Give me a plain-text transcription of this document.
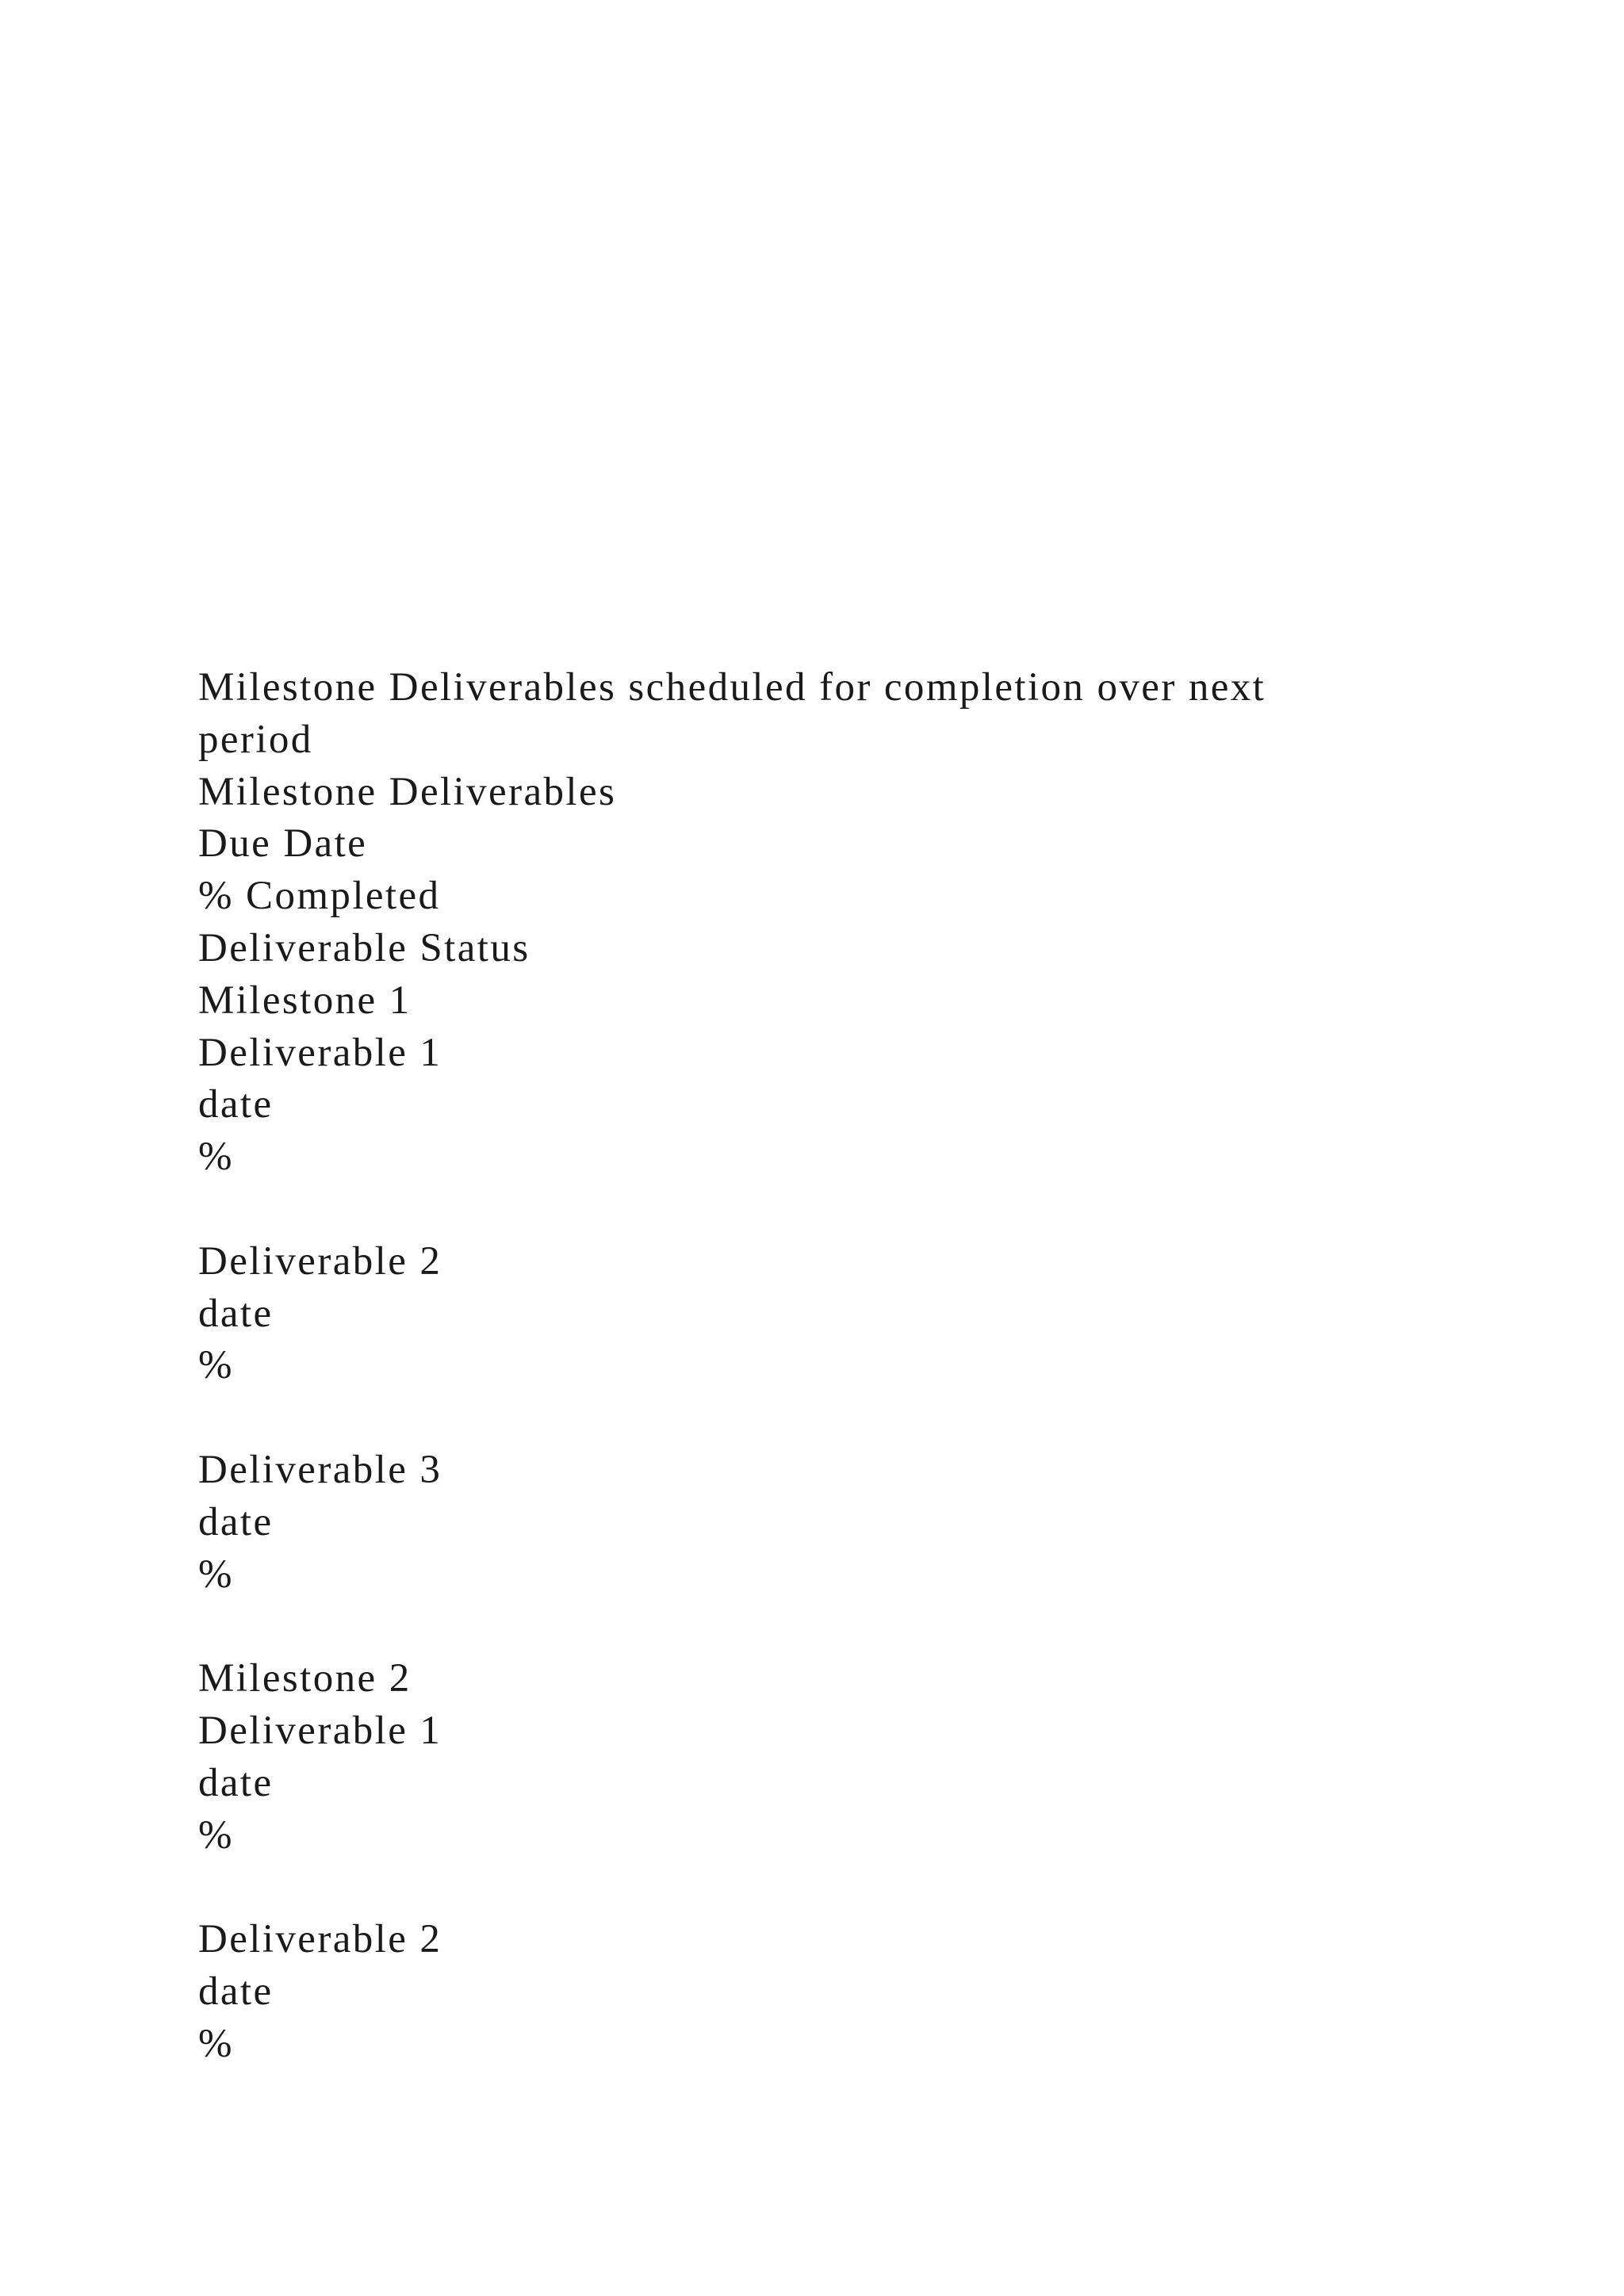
Milestone Deliverables scheduled for completion over next
period
Milestone Deliverables
Due Date
% Completed
Deliverable Status
Milestone 1
Deliverable 1
date
%
Deliverable 2
date
%
Deliverable 3
date
%
Milestone 2
Deliverable 1
date
%
Deliverable 2
date
%
